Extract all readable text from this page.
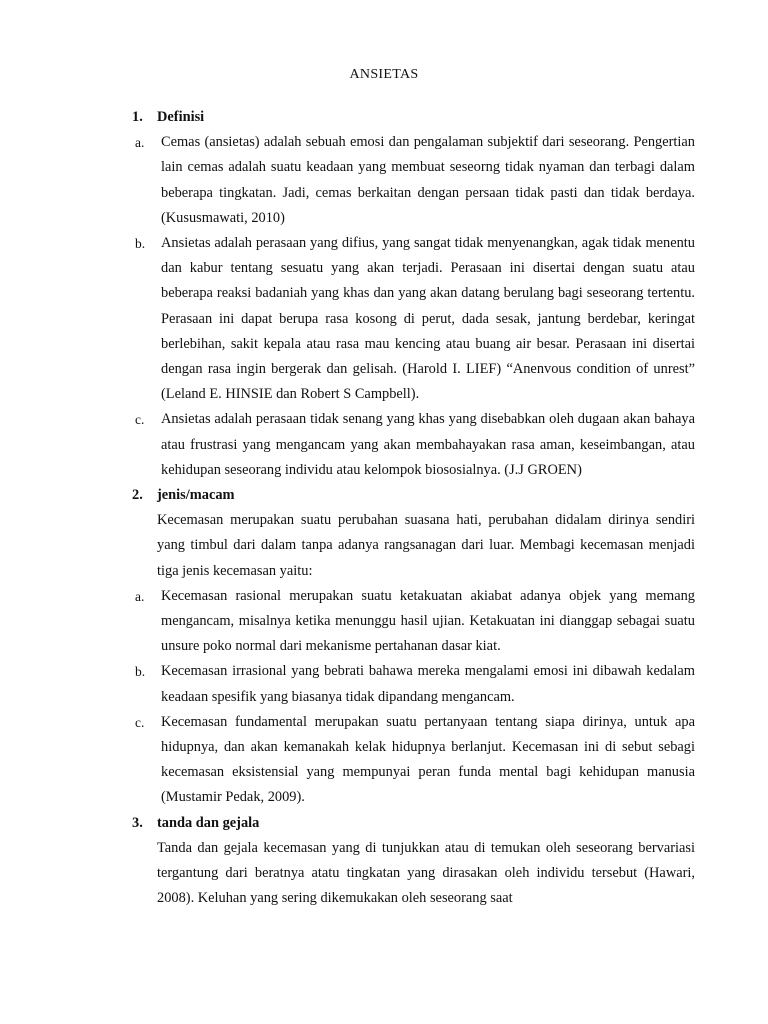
ANSIETAS

1. Definisi

a. Cemas (ansietas) adalah sebuah emosi dan pengalaman subjektif dari seseorang. Pengertian lain cemas adalah suatu keadaan yang membuat seseorng tidak nyaman dan terbagi dalam beberapa tingkatan. Jadi, cemas berkaitan dengan persaan tidak pasti dan tidak berdaya. (Kususmawati, 2010)

b. Ansietas adalah perasaan yang difius, yang sangat tidak menyenangkan, agak tidak menentu dan kabur tentang sesuatu yang akan terjadi. Perasaan ini disertai dengan suatu atau beberapa reaksi badaniah yang khas dan yang akan datang berulang bagi seseorang tertentu. Perasaan ini dapat berupa rasa kosong di perut, dada sesak, jantung berdebar, keringat berlebihan, sakit kepala atau rasa mau kencing atau buang air besar. Perasaan ini disertai dengan rasa ingin bergerak dan gelisah. (Harold I. LIEF) “Anenvous condition of unrest” (Leland E. HINSIE dan Robert S Campbell).

c. Ansietas adalah perasaan tidak senang yang khas yang disebabkan oleh dugaan akan bahaya atau frustrasi yang mengancam yang akan membahayakan rasa aman, keseimbangan, atau kehidupan seseorang individu atau kelompok biososialnya. (J.J GROEN)

2. jenis/macam

Kecemasan merupakan suatu perubahan suasana hati, perubahan didalam dirinya sendiri yang timbul dari dalam tanpa adanya rangsanagan dari luar. Membagi kecemasan menjadi tiga jenis kecemasan yaitu:

a. Kecemasan rasional merupakan suatu ketakuatan akiabat adanya objek yang memang mengancam, misalnya ketika menunggu hasil ujian. Ketakuatan ini dianggap sebagai suatu unsure poko normal dari mekanisme pertahanan dasar kiat.

b. Kecemasan irrasional yang bebrati bahawa mereka mengalami emosi ini dibawah kedalam keadaan spesifik yang biasanya tidak dipandang mengancam.

c. Kecemasan fundamental merupakan suatu pertanyaan tentang siapa dirinya, untuk apa hidupnya, dan akan kemanakah kelak hidupnya berlanjut. Kecemasan ini di sebut sebagi kecemasan eksistensial yang mempunyai peran funda mental bagi kehidupan manusia (Mustamir Pedak, 2009).

3. tanda dan gejala

Tanda dan gejala kecemasan yang di tunjukkan atau di temukan oleh seseorang bervariasi tergantung dari beratnya atatu tingkatan yang dirasakan oleh individu tersebut (Hawari, 2008). Keluhan yang sering dikemukakan oleh seseorang saat
